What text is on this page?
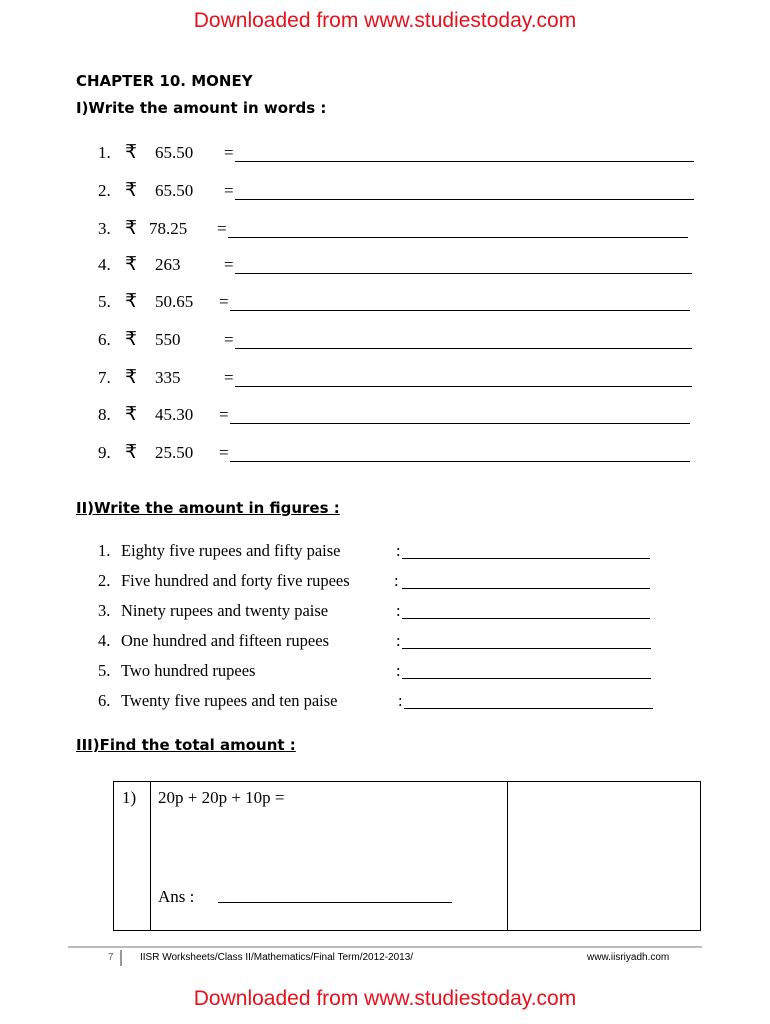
Downloaded from www.studiestoday.com
CHAPTER 10. MONEY
I)Write the amount in words :
1. ₹ 65.50 =
2. ₹ 65.50 =
3. ₹ 78.25 =
4. ₹ 263	=
5. ₹ 50.65 =
6. ₹ 550	=
7. ₹ 335	=
8. ₹ 45.30 =
9. ₹ 25.50 =
II)Write the amount in figures :
1. Eighty five rupees and fifty paise	:
2. Five hundred and forty five rupees	:
3. Ninety rupees and twenty paise	:
4. One hundred and fifteen rupees	:
5. Two hundred rupees	:
6. Twenty five rupees and ten paise	:
III)Find the total amount :
1) 20p + 20p + 10p =
Ans :
7	IISR Worksheets/Class II/Mathematics/Final Term/2012-2013/	www.iisriyadh.com
Downloaded from www.studiestoday.com
